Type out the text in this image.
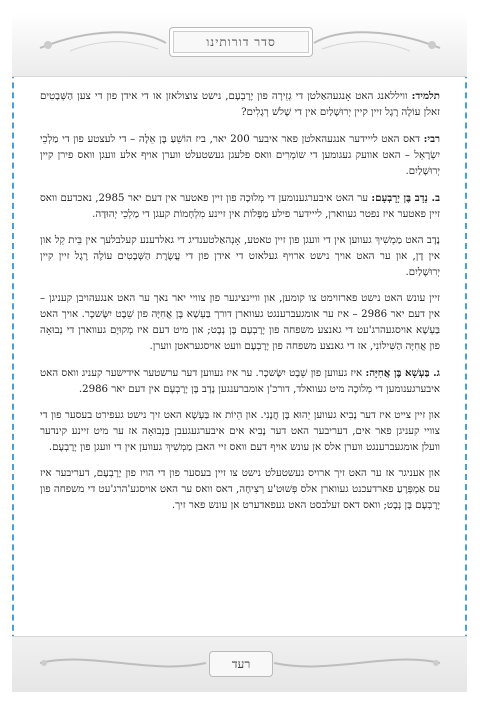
סדר דורותינו

תלמיד: וויללאנג האט אָנגעהאַלטן די גְזֵירָה פון יָרָבְעָם, נישט צוצולאזן או די אידן פון די צען הַשְּׁבָטִים זאלן עוֹלֶה רֶגֶל זיין קיין יְרוּשָׁלַיִם אין די שָׁלֹשׁ רְגָלִים?

רבי: דאס האט לייידער אנגעהאלטן פאר איבער 200 יאר, ביז הוֹשֵׁעַ בֶּן אֵלָה – די לעצטע פון די מַלְכֵי יִשְׂרָאֵל – האט אוועק געגומען די שוֹמְרִים וואס פלעגן געשטעלט ווערן אויף אלע וועגן וואס פירן קיין יְרוּשָׁלַיִם.

ב. נָדָב בֶּן יָרָבְעָם: ער האט איבערגענומען די מְלוּכָה פון זיין פאטער אין דעם יאר 2985, נאכדעם וואס זיין פאטער איז נפטר געווארן, לייידער פילע מַפָּלוֹת אין זיינע מִלְחָמוֹת קעגן די מַלְכֵי יְהוּדָה.

נָדָב האט מַמְשִׁיךְ געווען אין די וועגן פון זיין טאטע, אָנְהאַלטענדיג די גאלדענע קעלבלעך אין בֵּית קֵל און אין דָן, און ער האט אויך נישט ארויף געלאזט די אידן פון די עֲשֶׂרֶת הַשְּׁבָטִים עוֹלֶה רֶגֶל זיין קיין יְרוּשָׁלַיִם.

זיין עונש האט נישט פארזוימט צו קומען, און וויינציגער פון צוויי יאר נאך ער האט אנגעהויבן קעניגן – אין דעם יאר 2986 – איז ער אומגעברענגט געווארן דורך בַּעְשָׁא בֶּן אֲחִיָּה פון שֵׁבֶט יִשָּׂשכָר. אויך האט בַּעְשָׁא אויסגעהרג'עט די גאנצע משפחה פון יָרָבְעָם בֶּן נְבָט; און מיט דעם איז מְקוּיָם געווארן די נְבוּאָה פון אֲחִיָּה הַשִּׁילוֹנִי, אז די גאנצע משפחה פון יָרָבְעָם וועט אויסגעראטן ווערן.

ג. בַּעְשָׁא בֶּן אֲחִיָּה: איז געווען פון שֵׁבֶט יִשָּׂשכָר. ער איז געווען דער ערשטער אידישער קעניג וואס האט איבערגענומען די מְלוּכָה מיט געוואלד, דורכ'ן אומברענגען נָדָב בֶּן יָרָבְעָם אין דעם יאר 2986.

און זיין צייט איז דער נָבִיא געווען יֵהוּא בֶּן חֲנָנִי. און הֵיוֹת אז בַּעְשָׁא האט זיך נישט געפירט בעסער פון די צוויי קעניגן פאר אים, דעריבער האט דער נָבִיא אים איבערגעגעבן בַּנְבוּאָה אז ער מיט זיינע קינדער וועלן אומגעברענגט ווערן אלס אן עונש אויף דעם וואס זיי האבן מַמְשִׁיךְ געווען אין די וועגן פון יָרָבְעָם.

און אעניגר אז ער האט זיך ארויס געשטעלט נישט צו זיין בעסער פון די הויז פון יָרָבְעָם, דעריבער איז עס אַמְפְּרֶעַ פארדעכנט געווארן אלס פְּשׁוּט'ע רְצִיחָה, דאס וואס ער האט אויסגע'הרג'עט די משפחה פון יָרָבְעָם בֶּן נְבָט; וואס דאס זעלבסט האט געפאדערט אן עונש פאר זיך.

רעד
